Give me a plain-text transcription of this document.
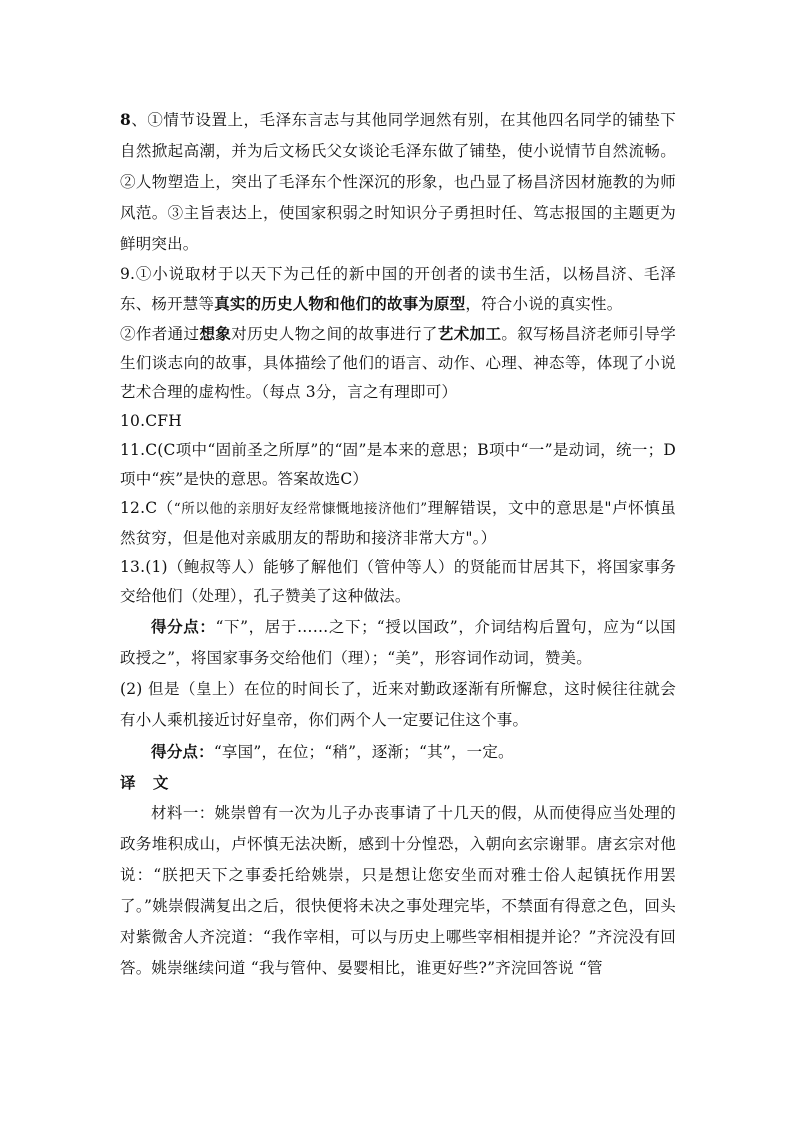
8、①情节设置上，毛泽东言志与其他同学迥然有别，在其他四名同学的铺垫下自然掀起高潮，并为后文杨氏父女谈论毛泽东做了铺垫，使小说情节自然流畅。②人物塑造上，突出了毛泽东个性深沉的形象，也凸显了杨昌济因材施教的为师风范。③主旨表达上，使国家积弱之时知识分子勇担时任、笃志报国的主题更为鲜明突出。

9.①小说取材于以天下为己任的新中国的开创者的读书生活，以杨昌济、毛泽东、杨开慧等真实的历史人物和他们的故事为原型，符合小说的真实性。

②作者通过想象对历史人物之间的故事进行了艺术加工。叙写杨昌济老师引导学生们谈志向的故事，具体描绘了他们的语言、动作、心理、神态等，体现了小说艺术合理的虚构性。（每点 3分，言之有理即可）

10.CFH

11.C(C项中“固前圣之所厚”的“固”是本来的意思；B项中“一”是动词，统一；D项中“疾”是快的意思。答案故选C）

12.C（“所以他的亲朋好友经常慷慨地接济他们”理解错误，文中的意思是"卢怀慎虽然贫穷，但是他对亲戚朋友的帮助和接济非常大方"。）

13.(1)（鲍叔等人）能够了解他们（管仲等人）的贤能而甘居其下，将国家事务交给他们（处理），孔子赞美了这种做法。

得分点：“下”，居于……之下；“授以国政”，介词结构后置句，应为“以国政授之”，将国家事务交给他们（理）；“美”，形容词作动词，赞美。

(2) 但是（皇上）在位的时间长了，近来对勤政逐渐有所懈怠，这时候往往就会有小人乘机接近讨好皇帝，你们两个人一定要记住这个事。

得分点：“享国”，在位；“稍”，逐渐；“其”，一定。

译 文

材料一：姚崇曾有一次为儿子办丧事请了十几天的假，从而使得应当处理的政务堆积成山，卢怀慎无法决断，感到十分惶恐，入朝向玄宗谢罪。唐玄宗对他说：“朕把天下之事委托给姚崇，只是想让您安坐而对雅士俗人起镇抚作用罢了。”姚崇假满复出之后，很快便将未决之事处理完毕，不禁面有得意之色，回头对紫微舍人齐浣道：“我作宰相，可以与历史上哪些宰相相提并论？”齐浣没有回答。姚崇继续问道 “我与管仲、晏婴相比，谁更好些?”齐浣回答说 “管
